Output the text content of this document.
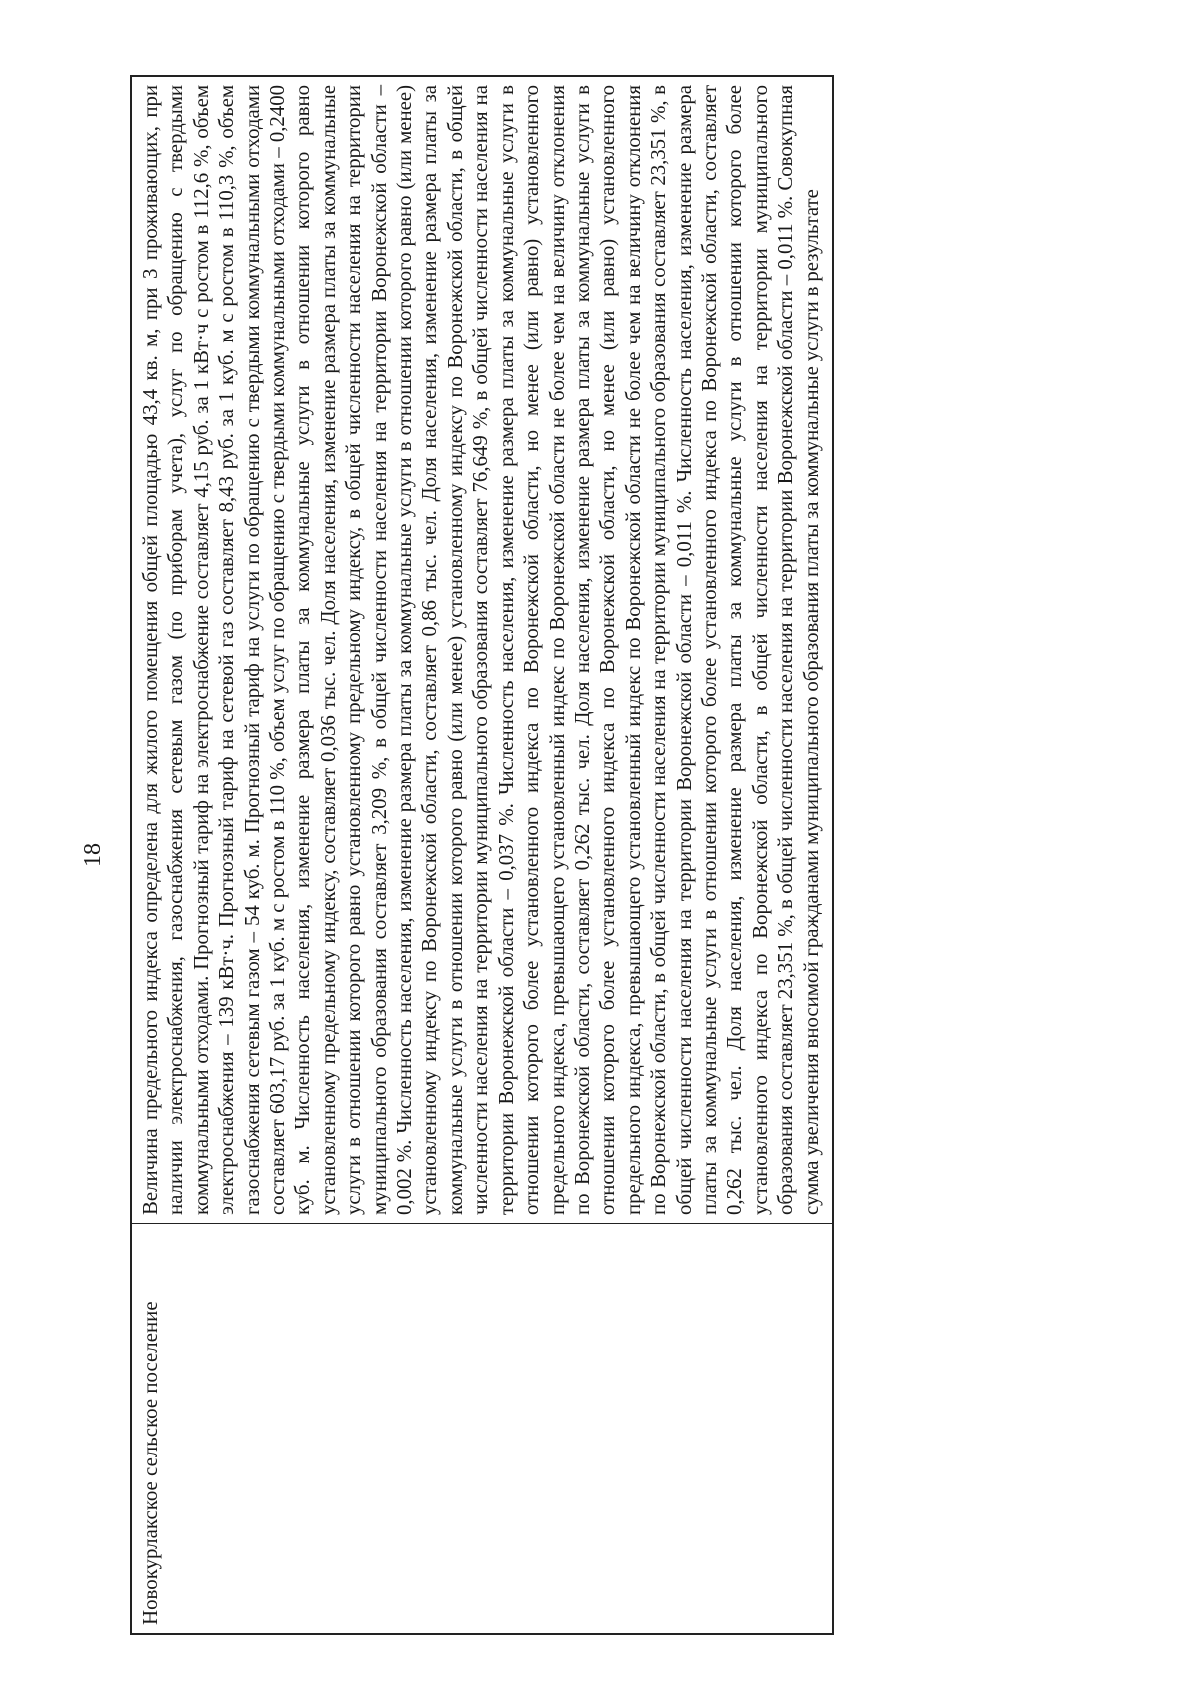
18
Новокурлакское сельское поселение
Величина предельного индекса определена для жилого помещения общей площадью 43,4 кв. м, при 3 проживающих, при наличии электроснабжения, газоснабжения сетевым газом (по приборам учета), услуг по обращению с твердыми коммунальными отходами. Прогнозный тариф на электроснабжение составляет 4,15 руб. за 1 кВт·ч с ростом в 112,6 %, объем электроснабжения – 139 кВт·ч. Прогнозный тариф на сетевой газ составляет 8,43 руб. за 1 куб. м с ростом в 110,3 %, объем газоснабжения сетевым газом – 54 куб. м. Прогнозный тариф на услуги по обращению с твердыми коммунальными отходами составляет 603,17 руб. за 1 куб. м с ростом в 110 %, объем услуг по обращению с твердыми коммунальными отходами – 0,2400 куб. м. Численность населения, изменение размера платы за коммунальные услуги в отношении которого равно установленному предельному индексу, составляет 0,036 тыс. чел. Доля населения, изменение размера платы за коммунальные услуги в отношении которого равно установленному предельному индексу, в общей численности населения на территории муниципального образования составляет 3,209 %, в общей численности населения на территории Воронежской области – 0,002 %. Численность населения, изменение размера платы за коммунальные услуги в отношении которого равно (или менее) установленному индексу по Воронежской области, составляет 0,86 тыс. чел. Доля населения, изменение размера платы за коммунальные услуги в отношении которого равно (или менее) установленному индексу по Воронежской области, в общей численности населения на территории муниципального образования составляет 76,649 %, в общей численности населения на территории Воронежской области – 0,037 %. Численность населения, изменение размера платы за коммунальные услуги в отношении которого более установленного индекса по Воронежской области, но менее (или равно) установленного предельного индекса, превышающего установленный индекс по Воронежской области не более чем на величину отклонения по Воронежской области, составляет 0,262 тыс. чел. Доля населения, изменение размера платы за коммунальные услуги в отношении которого более установленного индекса по Воронежской области, но менее (или равно) установленного предельного индекса, превышающего установленный индекс по Воронежской области не более чем на величину отклонения по Воронежской области, в общей численности населения на территории муниципального образования составляет 23,351 %, в общей численности населения на территории Воронежской области – 0,011 %. Численность населения, изменение размера платы за коммунальные услуги в отношении которого более установленного индекса по Воронежской области, составляет 0,262 тыс. чел. Доля населения, изменение размера платы за коммунальные услуги в отношении которого более установленного индекса по Воронежской области, в общей численности населения на территории муниципального образования составляет 23,351 %, в общей численности населения на территории Воронежской области – 0,011 %. Совокупная сумма увеличения вносимой гражданами муниципального образования платы за коммунальные услуги в результате
